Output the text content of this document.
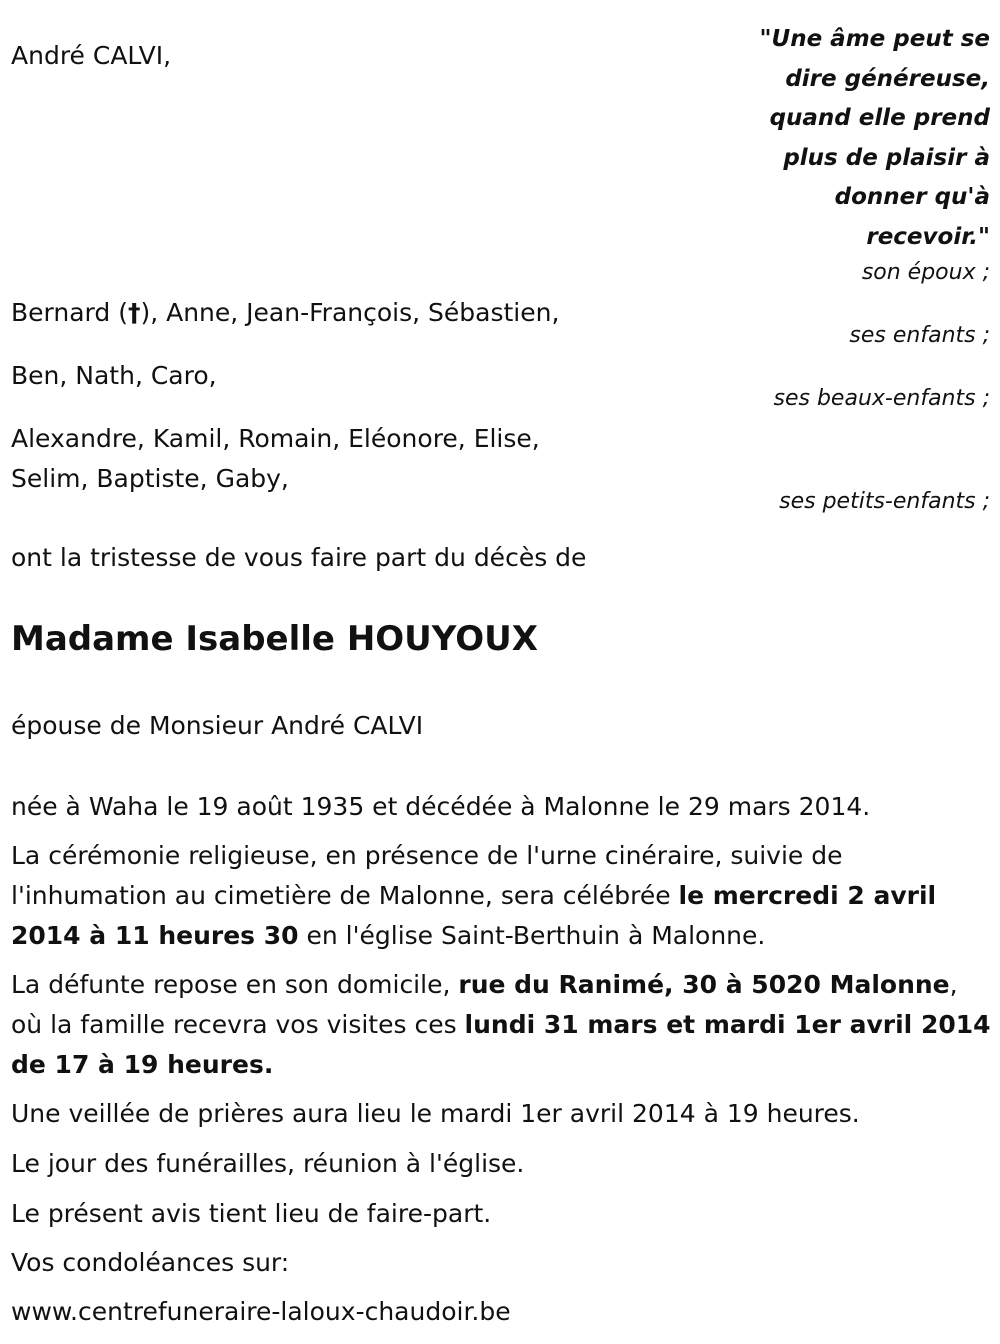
"Une âme peut se dire généreuse, quand elle prend plus de plaisir à donner qu'à recevoir."

André CALVI,
son époux ;
Bernard (†), Anne, Jean-François, Sébastien,
ses enfants ;
Ben, Nath, Caro,
ses beaux-enfants ;
Alexandre, Kamil, Romain, Eléonore, Elise,
Selim, Baptiste, Gaby,
ses petits-enfants ;
ont la tristesse de vous faire part du décès de
Madame Isabelle HOUYOUX
épouse de Monsieur André CALVI
née à Waha le 19 août 1935 et décédée à Malonne le 29 mars 2014.

La cérémonie religieuse, en présence de l'urne cinéraire, suivie de l'inhumation au cimetière de Malonne, sera célébrée le mercredi 2 avril 2014 à 11 heures 30 en l'église Saint-Berthuin à Malonne.

La défunte repose en son domicile, rue du Ranimé, 30 à 5020 Malonne, où la famille recevra vos visites ces lundi 31 mars et mardi 1er avril 2014 de 17 à 19 heures.

Une veillée de prières aura lieu le mardi 1er avril 2014 à 19 heures.
Le jour des funérailles, réunion à l'église.
Le présent avis tient lieu de faire-part.
Vos condoléances sur:
www.centrefuneraire-laloux-chaudoir.be
